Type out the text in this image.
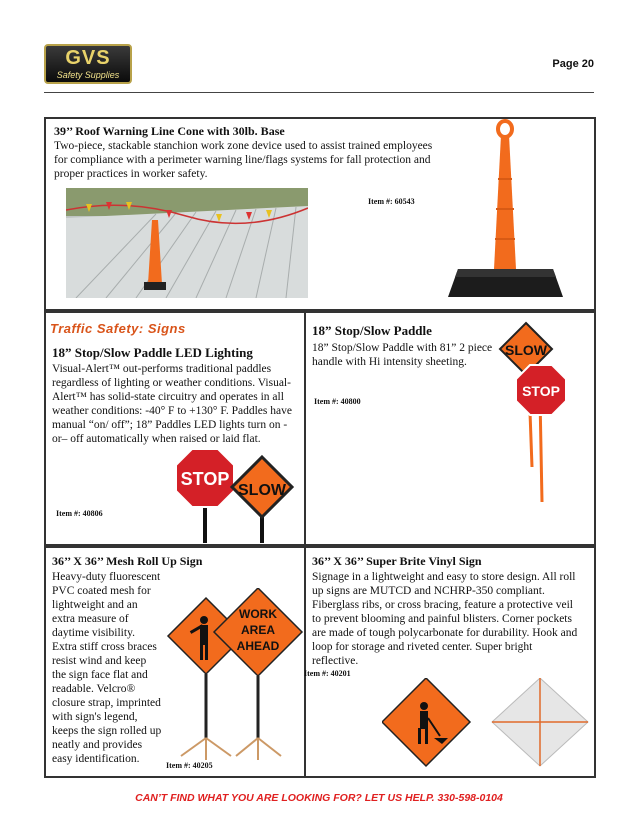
GVS
Safety Supplies
Page 20
39’’ Roof Warning Line Cone with 30lb. Base
Two-piece, stackable stanchion work zone device used to assist trained employees for compliance with a perimeter warning line/flags systems for fall protection and proper practices in worker safety.
Item #: 60543
Traffic Safety: Signs
18” Stop/Slow Paddle LED Lighting
Visual-Alert™ out-performs traditional paddles regardless of lighting or weather conditions. Visual-Alert™ has solid-state circuitry and operates in all weather conditions: -40° F to +130° F. Paddles have manual “on/ off”; 18” Paddles LED lights turn on -or– off automatically when raised or laid flat.
Item #: 40806
STOP
SLOW
18” Stop/Slow Paddle
18” Stop/Slow Paddle with 81” 2 piece handle with Hi intensity sheeting.
Item #: 40800
SLOW
STOP
36’’ X 36’’ Mesh Roll Up Sign
Heavy-duty fluorescent PVC coated mesh for lightweight and an extra measure of daytime visibility. Extra stiff cross braces resist wind and keep the sign face flat and readable. Velcro® closure strap, imprinted with sign's legend, keeps the sign rolled up neatly and provides easy identification.
Item #: 40205
WORK
AREA
AHEAD
36’’ X 36’’ Super Brite Vinyl Sign
Signage in a lightweight and easy to store design. All roll up signs are MUTCD and NCHRP-350 compliant. Fiberglass ribs, or cross bracing, feature a protective veil to prevent blooming and painful blisters. Corner pockets are made of tough polycarbonate for durability. Hook and loop for storage and riveted center. Super bright reflective.
Item #: 40201
CAN’T FIND WHAT YOU ARE LOOKING FOR? LET US HELP. 330-598-0104
